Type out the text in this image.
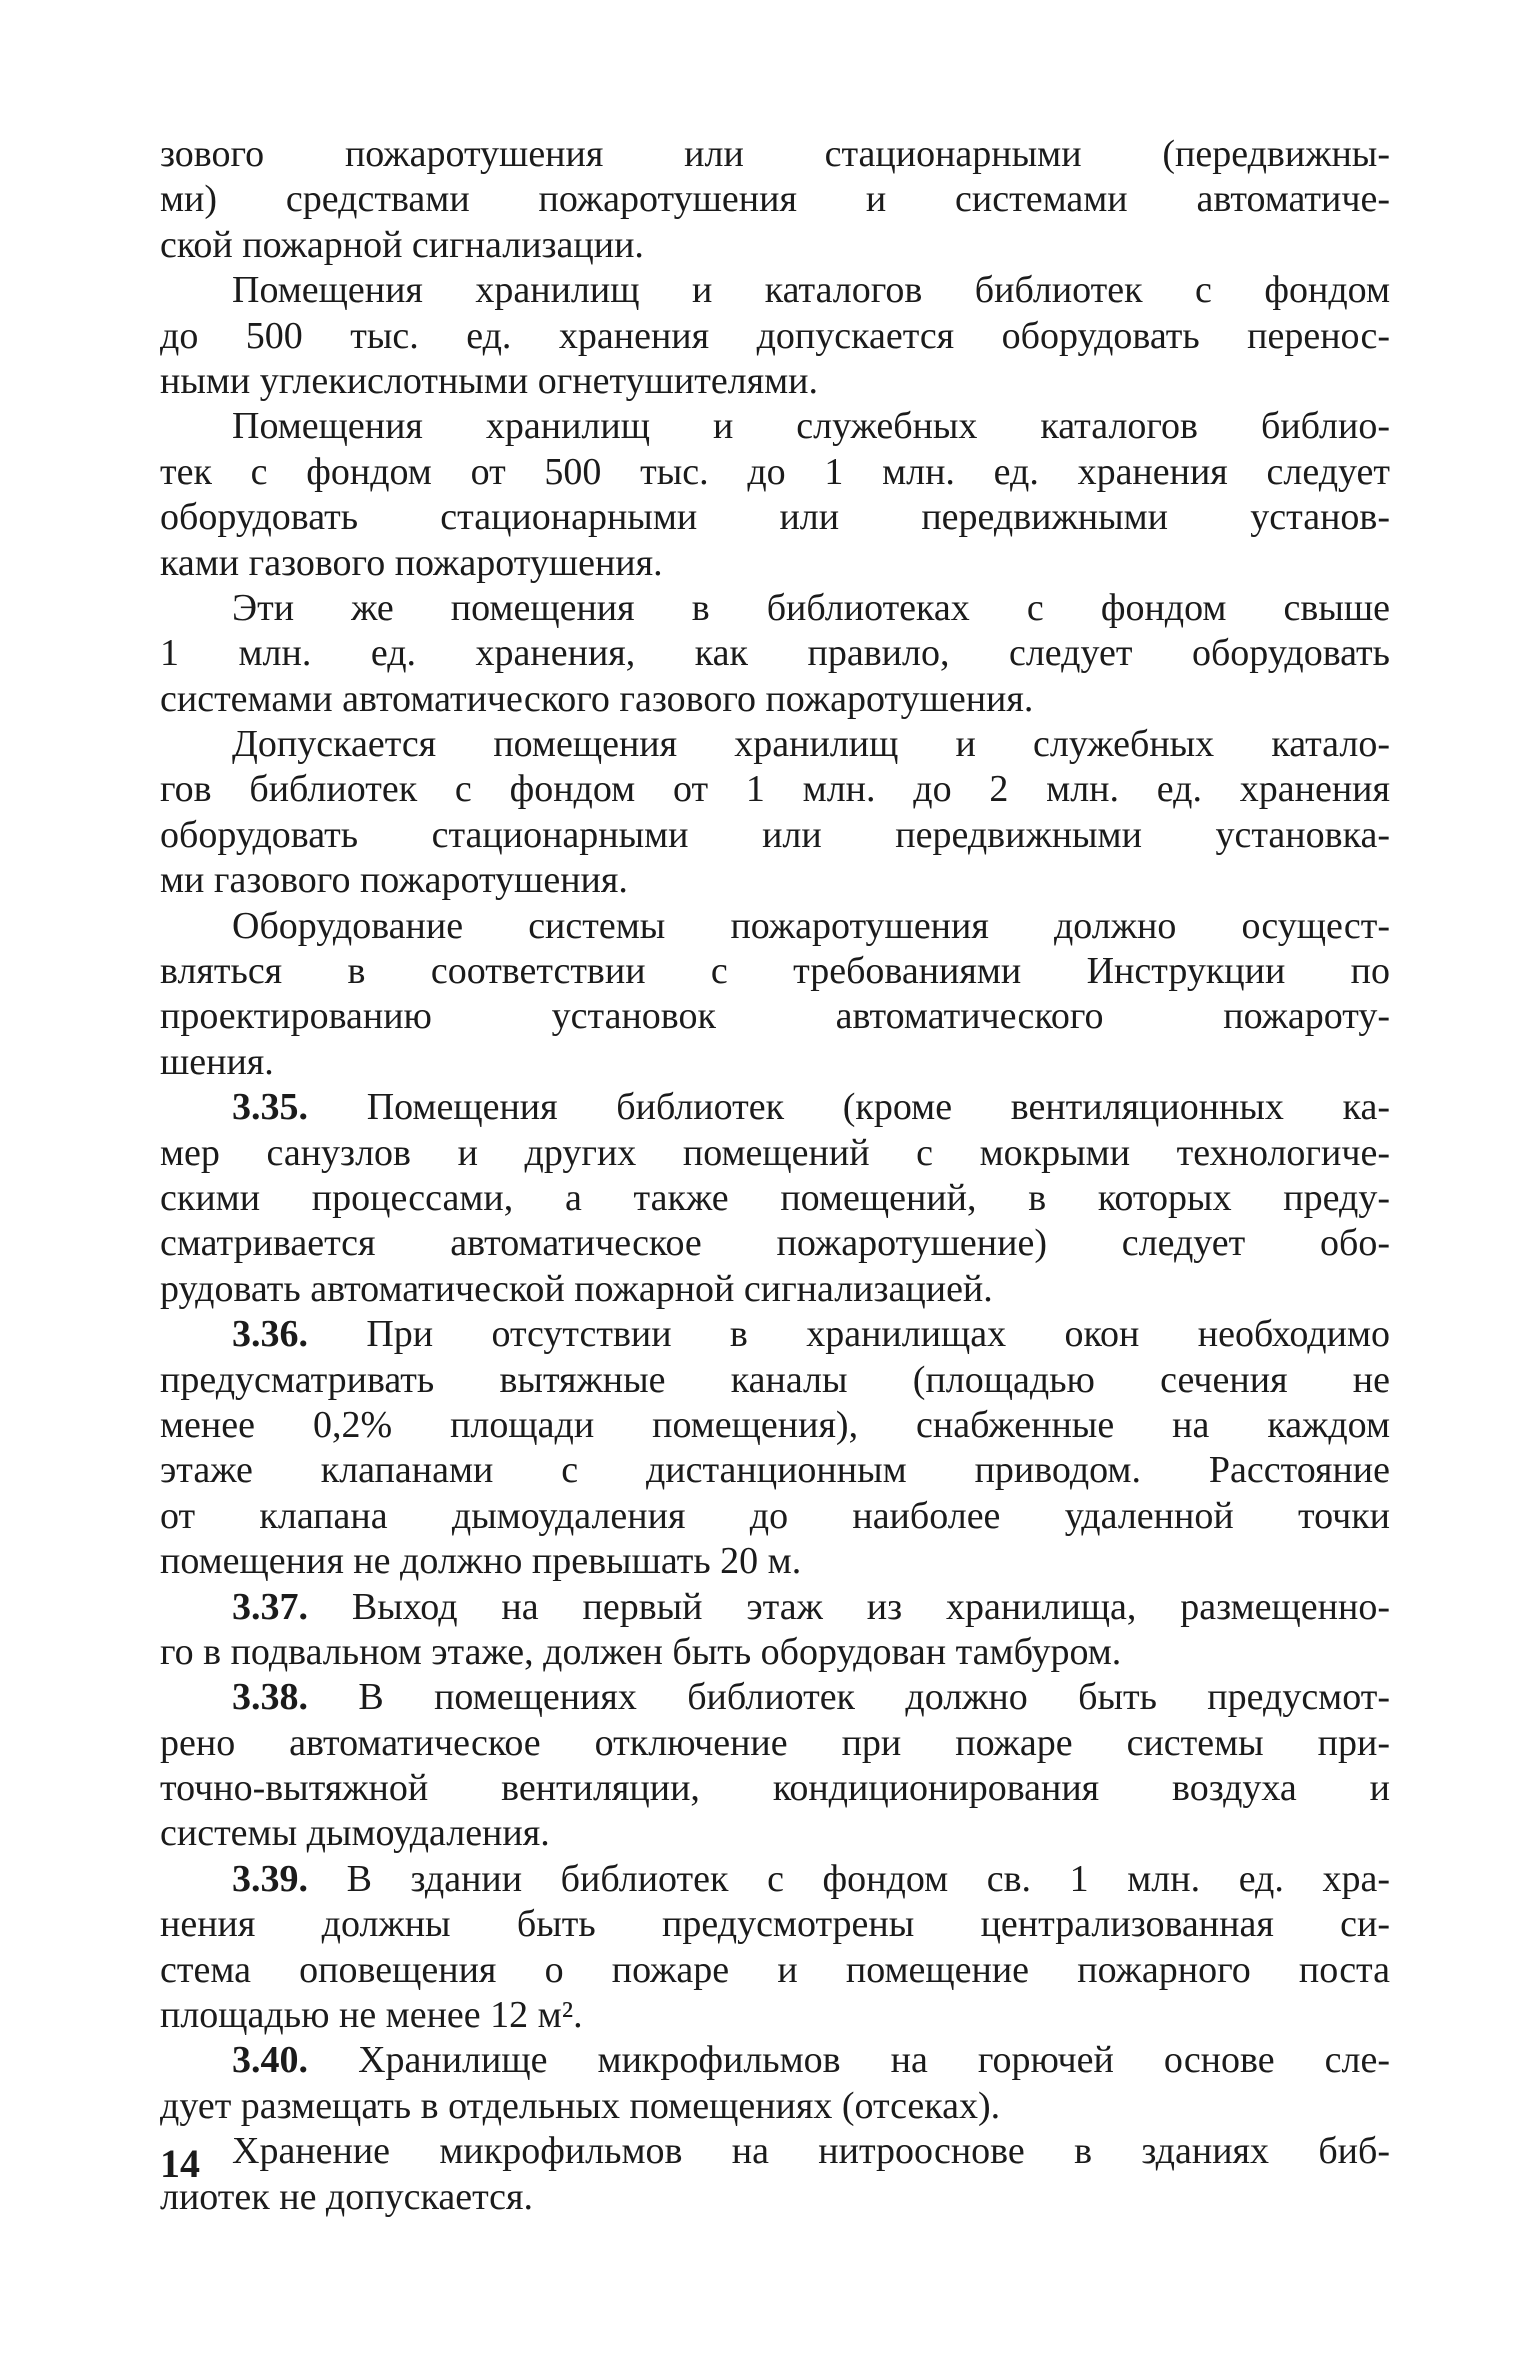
зового пожаротушения или стационарными (передвижны-

ми) средствами пожаротушения и системами автоматиче-

ской пожарной сигнализации.

Помещения хранилищ и каталогов библиотек с фондом

до 500 тыс. ед. хранения допускается оборудовать перенос-

ными углекислотными огнетушителями.

Помещения хранилищ и служебных каталогов библио-

тек с фондом от 500 тыс. до 1 млн. ед. хранения следует

оборудовать стационарными или передвижными установ-

ками газового пожаротушения.

Эти же помещения в библиотеках с фондом свыше

1 млн. ед. хранения, как правило, следует оборудовать

системами автоматического газового пожаротушения.

Допускается помещения хранилищ и служебных катало-

гов библиотек с фондом от 1 млн. до 2 млн. ед. хранения

оборудовать стационарными или передвижными установка-

ми газового пожаротушения.

Оборудование системы пожаротушения должно осущест-

вляться в соответствии с требованиями Инструкции по

проектированию установок автоматического пожароту-

шения.

3.35. Помещения библиотек (кроме вентиляционных ка-

мер санузлов и других помещений с мокрыми технологиче-

скими процессами, а также помещений, в которых преду-

сматривается автоматическое пожаротушение) следует обо-

рудовать автоматической пожарной сигнализацией.

3.36. При отсутствии в хранилищах окон необходимо

предусматривать вытяжные каналы (площадью сечения не

менее 0,2% площади помещения), снабженные на каждом

этаже клапанами с дистанционным приводом. Расстояние

от клапана дымоудаления до наиболее удаленной точки

помещения не должно превышать 20 м.

3.37. Выход на первый этаж из хранилища, размещенно-

го в подвальном этаже, должен быть оборудован тамбуром.

3.38. В помещениях библиотек должно быть предусмот-

рено автоматическое отключение при пожаре системы при-

точно-вытяжной вентиляции, кондиционирования воздуха и

системы дымоудаления.

3.39. В здании библиотек с фондом св. 1 млн. ед. хра-

нения должны быть предусмотрены централизованная си-

стема оповещения о пожаре и помещение пожарного поста

площадью не менее 12 м².

3.40. Хранилище микрофильмов на горючей основе сле-

дует размещать в отдельных помещениях (отсеках).

Хранение микрофильмов на нитрооснове в зданиях биб-

лиотек не допускается.

14
